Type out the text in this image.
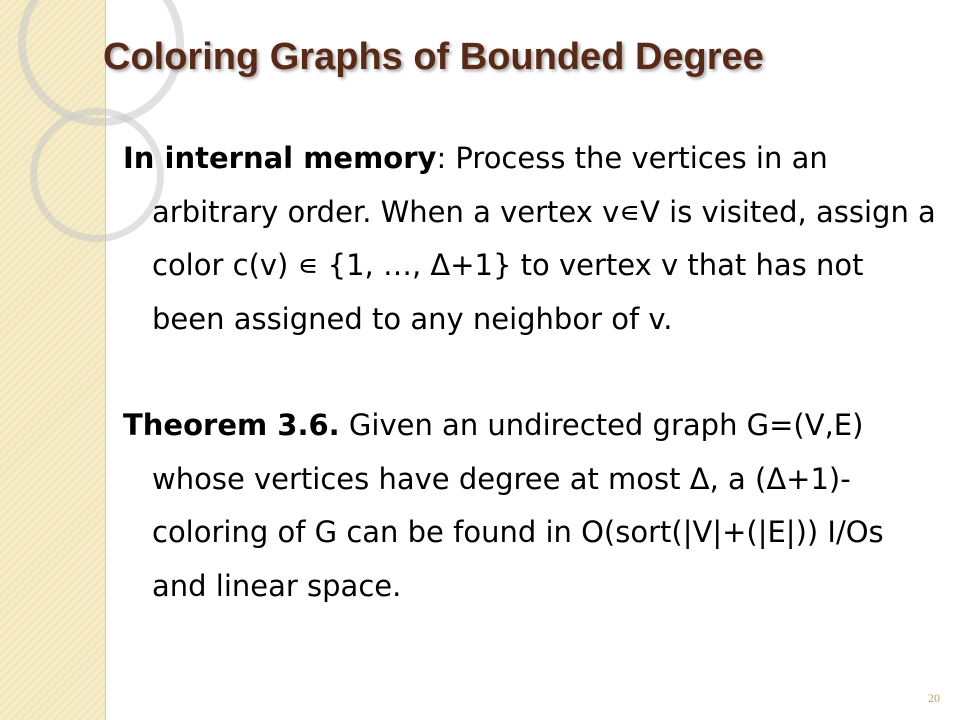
Coloring Graphs of Bounded Degree

In internal memory: Process the vertices in an arbitrary order. When a vertex v∊V is visited, assign a color c(v) ∊ {1, …, Δ+1} to vertex v that has not been assigned to any neighbor of v.

Theorem 3.6. Given an undirected graph G=(V,E) whose vertices have degree at most Δ, a (Δ+1)-coloring of G can be found in O(sort(|V|+(|E|)) I/Os and linear space.

20
